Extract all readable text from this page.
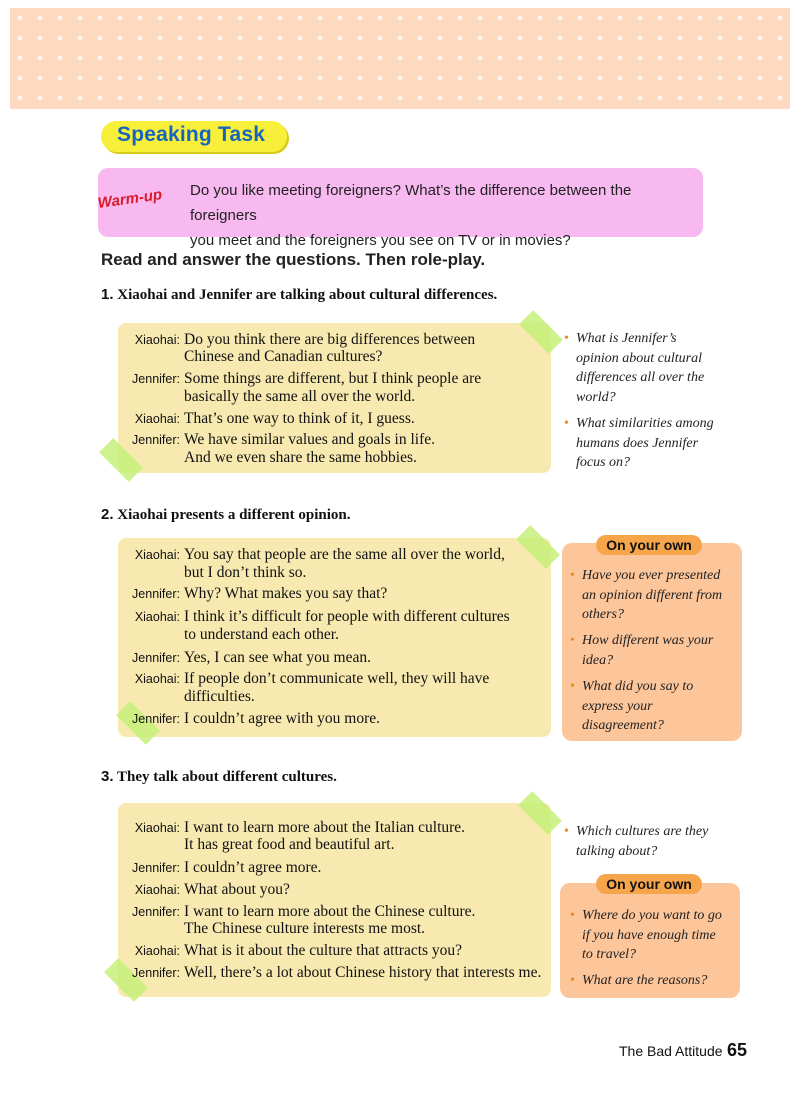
Speaking Task
Warm-up Do you like meeting foreigners? What’s the difference between the foreigners
you meet and the foreigners you see on TV or in movies?
Read and answer the questions. Then role-play.
1. Xiaohai and Jennifer are talking about cultural differences.
Xiaohai: Do you think there are big differences between
Chinese and Canadian cultures?
Jennifer: Some things are different, but I think people are
basically the same all over the world.
Xiaohai: That’s one way to think of it, I guess.
Jennifer: We have similar values and goals in life.
And we even share the same hobbies.
• What is Jennifer’s
opinion about cultural
differences all over the
world?
• What similarities among
humans does Jennifer
focus on?
2. Xiaohai presents a different opinion.
Xiaohai: You say that people are the same all over the world,
but I don’t think so.
Jennifer: Why? What makes you say that?
Xiaohai: I think it’s difficult for people with different cultures
to understand each other.
Jennifer: Yes, I can see what you mean.
Xiaohai: If people don’t communicate well, they will have
difficulties.
Jennifer: I couldn’t agree with you more.
On your own
• Have you ever presented
an opinion different from
others?
• How different was your
idea?
• What did you say to
express your
disagreement?
3. They talk about different cultures.
Xiaohai: I want to learn more about the Italian culture.
It has great food and beautiful art.
Jennifer: I couldn’t agree more.
Xiaohai: What about you?
Jennifer: I want to learn more about the Chinese culture.
The Chinese culture interests me most.
Xiaohai: What is it about the culture that attracts you?
Jennifer: Well, there’s a lot about Chinese history that interests me.
• Which cultures are they
talking about?
On your own
• Where do you want to go
if you have enough time
to travel?
• What are the reasons?
The Bad Attitude 65
